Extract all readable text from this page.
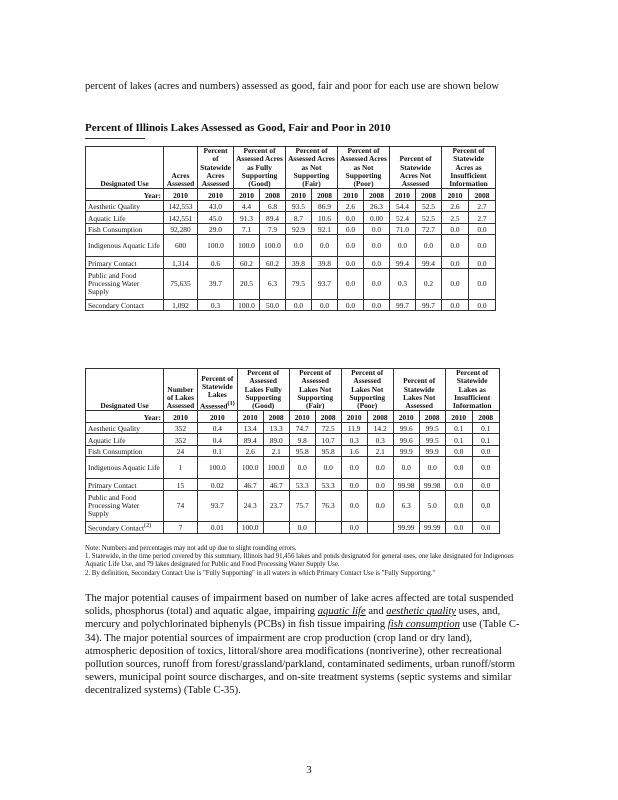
percent of lakes (acres and numbers) assessed as good, fair and poor for each use are shown below
Percent of Illinois Lakes Assessed as Good, Fair and Poor in 2010
Designated Use	Acres Assessed	Percent of Statewide Acres Assessed	Percent of Assessed Acres as Fully Supporting (Good)		Percent of Assessed Acres as Not Supporting (Fair)		Percent of Assessed Acres as Not Supporting (Poor)		Percent of Statewide Acres Not Assessed		Percent of Statewide Acres as Insufficient Information	
Year:	2010	2010	2010	2008	2010	2008	2010	2008	2010	2008	2010	2008
Aesthetic Quality	142,553	43.0	4.4	6.8	93.5	86.9	2.6	26.3	54.4	52.5	2.6	2.7
Aquatic Life	142,551	45.0	91.3	89.4	8.7	10.6	0.0	0.00	52.4	52.5	2.5	2.7
Fish Consumption	92,280	29.0	7.1	7.9	92.9	92.1	0.0	0.0	71.0	72.7	0.0	0.0
Indigenous Aquatic Life	600	100.0	100.0	100.0	0.0	0.0	0.0	0.0	0.0	0.0	0.0	0.0
Primary Contact	1,314	0.6	60.2	60.2	39.8	39.8	0.0	0.0	99.4	99.4	0.0	0.0
Public and Food Processing Water Supply	75,635	39.7	20.5	6.3	79.5	93.7	0.0	0.0	0.3	0.2	0.0	0.0
Secondary Contact	1,092	0.3	100.0	50.0	0.0	0.0	0.0	0.0	99.7	99.7	0.0	0.0
Designated Use	Number of Lakes Assessed	Percent of Statewide Lakes Assessed$^{(1)}$	Percent of Assessed Lakes Fully Supporting (Good)		Percent of Assessed Lakes Not Supporting (Fair)		Percent of Assessed Lakes Not Supporting (Poor)		Percent of Statewide Lakes Not Assessed		Percent of Statewide Lakes as Insufficient Information	
Year:	2010	2010	2010	2008	2010	2008	2010	2008	2010	2008	2010	2008
Aesthetic Quality	352	0.4	13.4	13.3	74.7	72.5	11.9	14.2	99.6	99.5	0.1	0.1
Aquatic Life	352	0.4	89.4	89.0	9.8	10.7	0.3	0.3	99.6	99.5	0.1	0.1
Fish Consumption	24	0.1	2.6	2.1	95.8	95.8	1.6	2.1	99.9	99.9	0.0	0.0
Indigenous Aquatic Life	1	100.0	100.0	100.0	0.0	0.0	0.0	0.0	0.0	0.0	0.0	0.0
Primary Contact	15	0.02	46.7	46.7	53.3	53.3	0.0	0.0	99.98	99.98	0.0	0.0
Public and Food Processing Water Supply	74	93.7	24.3	23.7	75.7	76.3	0.0	0.0	6.3	5.0	0.0	0.0
Secondary Contact$^{(2)}$	7	0.01	100.0		0.0		0.0		99.99	99.99	0.0	0.0
Note: Numbers and percentages may not add up due to slight rounding errors.
1. Statewide, in the time period covered by this summary, Illinois had 91,456 lakes and ponds designated for general uses, one lake designated for Indigenous Aquatic Life Use, and 79 lakes designated for Public and Food Processing Water Supply Use.
2. By definition, Secondary Contact Use is "Fully Supporting" in all waters in which Primary Contact Use is "Fully Supporting."
The major potential causes of impairment based on number of lake acres affected are total suspended solids, phosphorus (total) and aquatic algae, impairing aquatic life and aesthetic quality uses, and, mercury and polychlorinated biphenyls (PCBs) in fish tissue impairing fish consumption use (Table C-34). The major potential sources of impairment are crop production (crop land or dry land), atmospheric deposition of toxics, littoral/shore area modifications (nonriverine), other recreational pollution sources, runoff from forest/grassland/parkland, contaminated sediments, urban runoff/storm sewers, municipal point source discharges, and on-site treatment systems (septic systems and similar decentralized systems) (Table C-35).
3
